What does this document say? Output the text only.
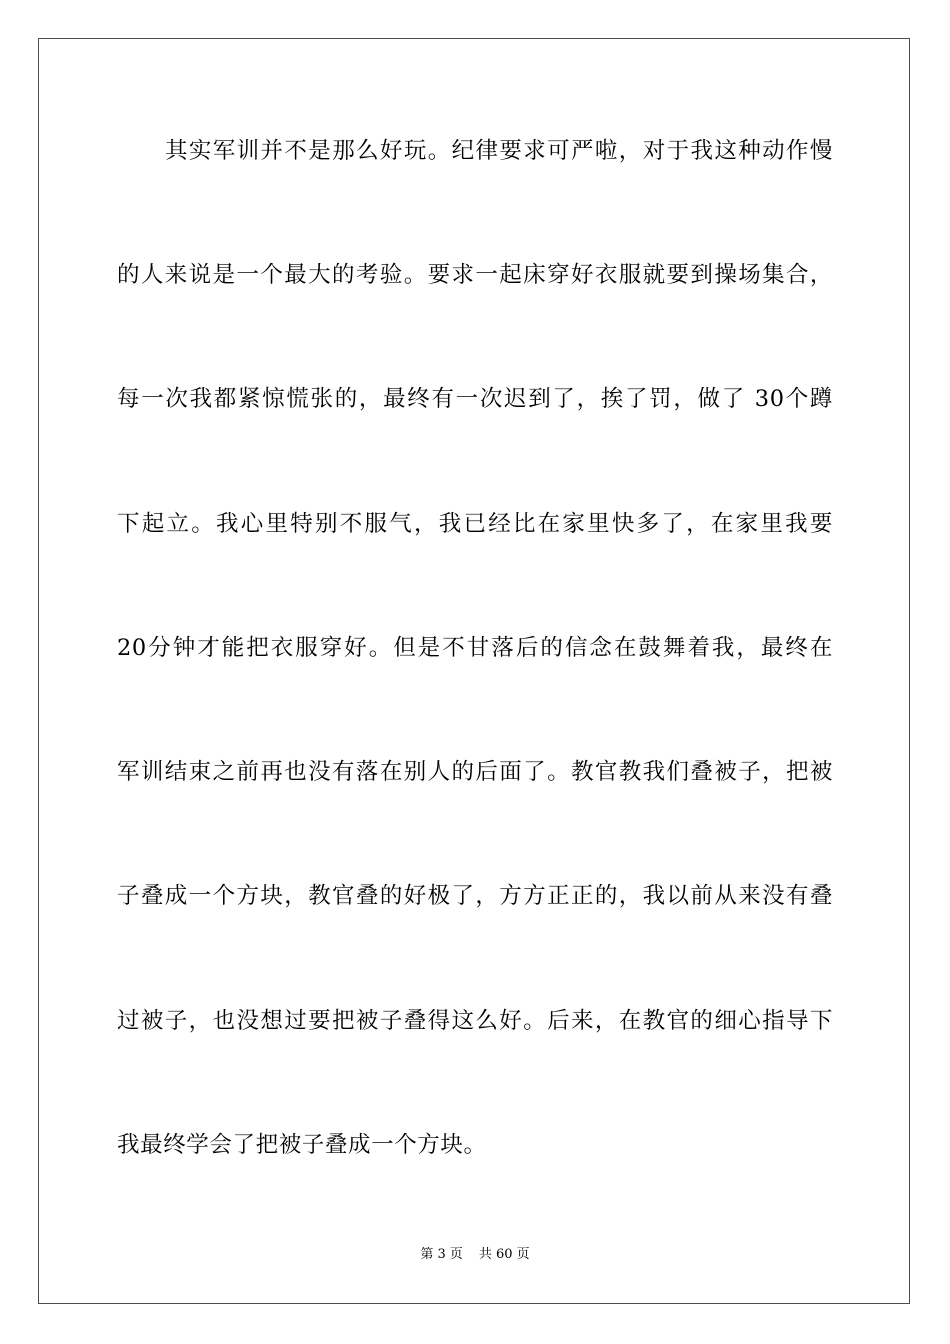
其实军训并不是那么好玩。纪律要求可严啦，对于我这种动作慢
的人来说是一个最大的考验。要求一起床穿好衣服就要到操场集合，
每一次我都紧惊慌张的，最终有一次迟到了，挨了罚，做了 30个蹲
下起立。我心里特别不服气，我已经比在家里快多了，在家里我要
20分钟才能把衣服穿好。但是不甘落后的信念在鼓舞着我，最终在
军训结束之前再也没有落在别人的后面了。教官教我们叠被子，把被
子叠成一个方块，教官叠的好极了，方方正正的，我以前从来没有叠
过被子，也没想过要把被子叠得这么好。后来，在教官的细心指导下
我最终学会了把被子叠成一个方块。
第 3 页 共 60 页
